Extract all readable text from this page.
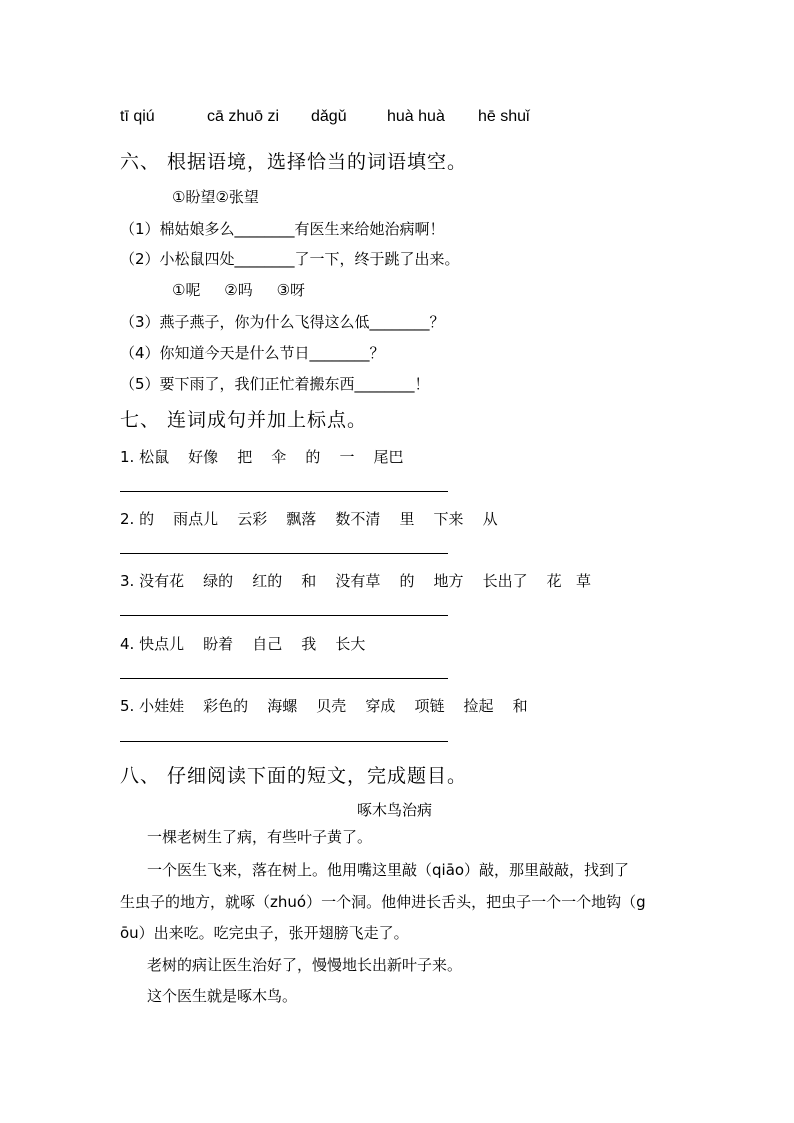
tī qiú	cā zhuō zi dǎgǔ	huà huà hē shuǐ
六、 根据语境，选择恰当的词语填空。
①盼望②张望
（1）棉姑娘多么________有医生来给她治病啊！
（2）小松鼠四处________了一下，终于跳了出来。
①呢     ②吗     ③呀
（3）燕子燕子，你为什么飞得这么低________？
（4）你知道今天是什么节日________？
（5）要下雨了，我们正忙着搬东西________！
七、 连词成句并加上标点。
1. 松鼠    好像    把    伞    的    一    尾巴
2. 的    雨点儿    云彩    飘落    数不清    里    下来    从
3. 没有花    绿的    红的    和    没有草    的    地方    长出了    花   草
4. 快点儿    盼着    自己    我    长大
5. 小娃娃    彩色的    海螺    贝壳    穿成    项链    捡起    和
八、 仔细阅读下面的短文，完成题目。
啄木鸟治病
一棵老树生了病，有些叶子黄了。
一个医生飞来，落在树上。他用嘴这里敲（qiāo）敲，那里敲敲，找到了
生虫子的地方，就啄（zhuó）一个洞。他伸进长舌头，把虫子一个一个地钩（g
ōu）出来吃。吃完虫子，张开翅膀飞走了。
老树的病让医生治好了，慢慢地长出新叶子来。
这个医生就是啄木鸟。
